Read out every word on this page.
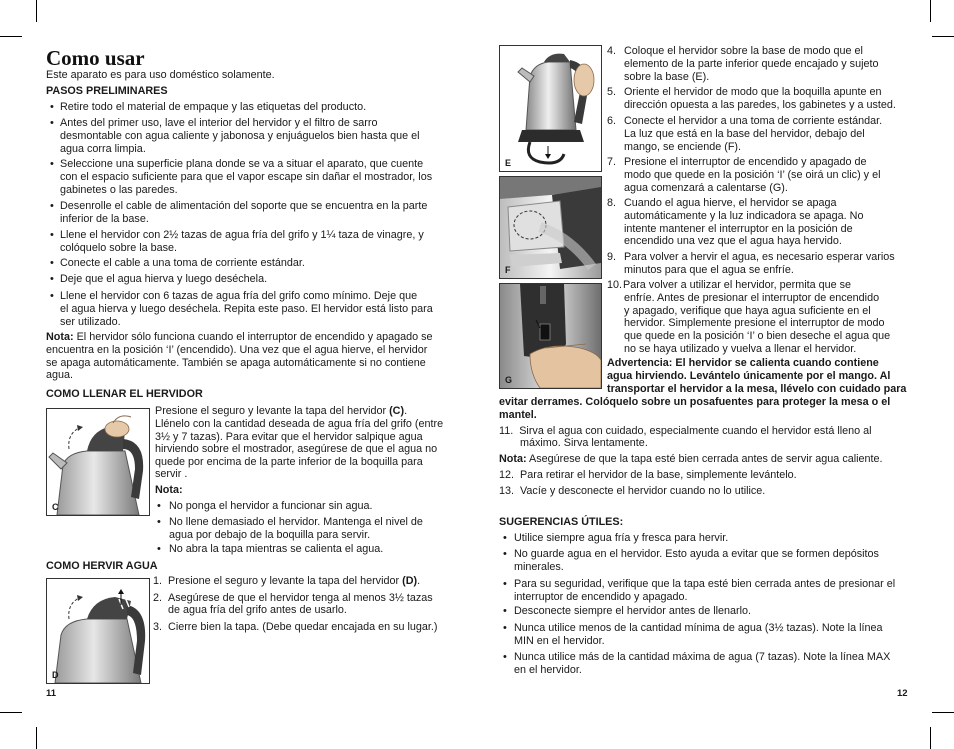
Como usar
Este aparato es para uso doméstico solamente.
PASOS PRELIMINARES
• Retire todo el material de empaque y las etiquetas del producto.
• Antes del primer uso, lave el interior del hervidor y el filtro de sarro
desmontable con agua caliente y jabonosa y enjuáguelos bien hasta que el
agua corra limpia.
• Seleccione una superficie plana donde se va a situar el aparato, que cuente
con el espacio suficiente para que el vapor escape sin dañar el mostrador, los
gabinetes o las paredes.
• Desenrolle el cable de alimentación del soporte que se encuentra en la parte
inferior de la base.
• Llene el hervidor con 2½ tazas de agua fría del grifo y 1¼ taza de vinagre, y
colóquelo sobre la base.
• Conecte el cable a una toma de corriente estándar.
• Deje que el agua hierva y luego deséchela.
• Llene el hervidor con 6 tazas de agua fría del grifo como mínimo. Deje que
el agua hierva y luego deséchela. Repita este paso. El hervidor está listo para
ser utilizado.
Nota: El hervidor sólo funciona cuando el interruptor de encendido y apagado se
encuentra en la posición ‘I’ (encendido). Una vez que el agua hierve, el hervidor
se apaga automáticamente. También se apaga automáticamente si no contiene
agua.
COMO LLENAR EL HERVIDOR
C
Presione el seguro y levante la tapa del hervidor (C).
Llénelo con la cantidad deseada de agua fría del grifo (entre
3½ y 7 tazas). Para evitar que el hervidor salpique agua
hirviendo sobre el mostrador, asegúrese de que el agua no
quede por encima de la parte inferior de la boquilla para
servir .
Nota:
• No ponga el hervidor a funcionar sin agua.
• No llene demasiado el hervidor. Mantenga el nivel de
agua por debajo de la boquilla para servir.
• No abra la tapa mientras se calienta el agua.
COMO HERVIR AGUA
D
1. Presione el seguro y levante la tapa del hervidor (D).
2. Asegúrese de que el hervidor tenga al menos 3½ tazas
de agua fría del grifo antes de usarlo.
3. Cierre bien la tapa. (Debe quedar encajada en su lugar.)
11
E
F
G
4. Coloque el hervidor sobre la base de modo que el
elemento de la parte inferior quede encajado y sujeto
sobre la base (E).
5. Oriente el hervidor de modo que la boquilla apunte en
dirección opuesta a las paredes, los gabinetes y a usted.
6. Conecte el hervidor a una toma de corriente estándar.
La luz que está en la base del hervidor, debajo del
mango, se enciende (F).
7. Presione el interruptor de encendido y apagado de
modo que quede en la posición ‘I’ (se oirá un clic) y el
agua comenzará a calentarse (G).
8. Cuando el agua hierve, el hervidor se apaga
automáticamente y la luz indicadora se apaga. No
intente mantener el interruptor en la posición de
encendido una vez que el agua haya hervido.
9. Para volver a hervir el agua, es necesario esperar varios
minutos para que el agua se enfríe.
10. Para volver a utilizar el hervidor, permita que se
enfríe. Antes de presionar el interruptor de encendido
y apagado, verifique que haya agua suficiente en el
hervidor. Simplemente presione el interruptor de modo
que quede en la posición ‘I’ o bien deseche el agua que
no se haya utilizado y vuelva a llenar el hervidor.
Advertencia: El hervidor se calienta cuando contiene
agua hirviendo. Levántelo únicamente por el mango. Al
transportar el hervidor a la mesa, llévelo con cuidado para
evitar derrames. Colóquelo sobre un posafuentes para proteger la mesa o el
mantel.
11. Sirva el agua con cuidado, especialmente cuando el hervidor está lleno al
máximo. Sirva lentamente.
Nota: Asegúrese de que la tapa esté bien cerrada antes de servir agua caliente.
12. Para retirar el hervidor de la base, simplemente levántelo.
13. Vacíe y desconecte el hervidor cuando no lo utilice.
SUGERENCIAS ÚTILES:
• Utilice siempre agua fría y fresca para hervir.
• No guarde agua en el hervidor. Esto ayuda a evitar que se formen depósitos
minerales.
• Para su seguridad, verifique que la tapa esté bien cerrada antes de presionar el
interruptor de encendido y apagado.
• Desconecte siempre el hervidor antes de llenarlo.
• Nunca utilice menos de la cantidad mínima de agua (3½ tazas). Note la línea
MIN en el hervidor.
• Nunca utilice más de la cantidad máxima de agua (7 tazas). Note la línea MAX
en el hervidor.
12
